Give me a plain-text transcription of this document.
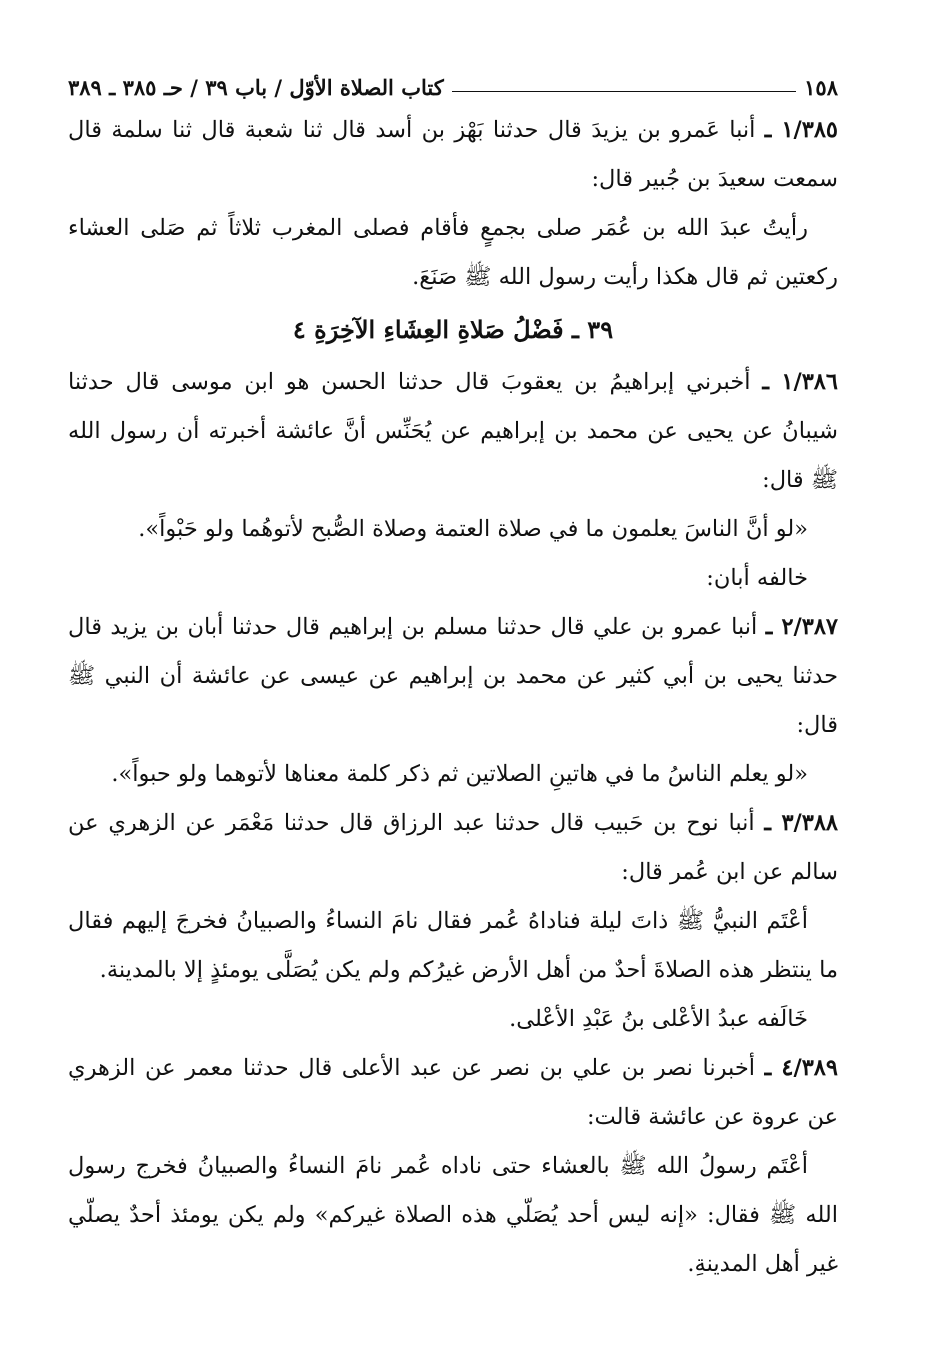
١٥٨
كتاب الصلاة الأوّل / باب ٣٩ / حـ ٣٨٥ ـ ٣٨٩

١/٣٨٥ ـ أنبا عَمرو بن يزيدَ قال حدثنا بَهْز بن أسد قال ثنا شعبة قال ثنا سلمة قال سمعت سعيدَ بن جُبير قال:

رأيتُ عبدَ الله بن عُمَر صلى بجمعٍ فأقام فصلى المغرب ثلاثاً ثم صَلى العشاء ركعتين ثم قال هكذا رأيت رسول الله ﷺ صَنَعَ.

٣٩ ـ فَضْلُ صَلاةِ العِشَاءِ الآخِرَةِ ٤

١/٣٨٦ ـ أخبرني إبراهيمُ بن يعقوبَ قال حدثنا الحسن هو ابن موسى قال حدثنا شيبانُ عن يحيى عن محمد بن إبراهيم عن يُحَنِّس أنَّ عائشة أخبرته أن رسول الله ﷺ قال:

«لو أنَّ الناسَ يعلمون ما في صلاة العتمة وصلاة الصُّبح لأتوهُما ولو حَبْواً».

خالفه أبان:

٢/٣٨٧ ـ أنبا عمرو بن علي قال حدثنا مسلم بن إبراهيم قال حدثنا أبان بن يزيد قال حدثنا يحيى بن أبي كثير عن محمد بن إبراهيم عن عيسى عن عائشة أن النبي ﷺ قال:

«لو يعلم الناسُ ما في هاتينِ الصلاتين ثم ذكر كلمة معناها لأتوهما ولو حبواً».

٣/٣٨٨ ـ أنبا نوح بن حَبيب قال حدثنا عبد الرزاق قال حدثنا مَعْمَر عن الزهري عن سالم عن ابن عُمر قال:

أعْتَم النبيُّ ﷺ ذاتَ ليلة فناداهُ عُمر فقال نامَ النساءُ والصبيانُ فخرجَ إليهم فقال ما ينتظر هذه الصلاةَ أحدٌ من أهل الأرض غيرُكم ولم يكن يُصَلَّى يومئذٍ إلا بالمدينة.

خَالَفه عبدُ الأعْلى بنُ عَبْدِ الأعْلى.

٤/٣٨٩ ـ أخبرنا نصر بن علي بن نصر عن عبد الأعلى قال حدثنا معمر عن الزهري عن عروة عن عائشة قالت:

أعْتَم رسولُ الله ﷺ بالعشاء حتى ناداه عُمر نامَ النساءُ والصبيانُ فخرج رسول الله ﷺ فقال: «إنه ليس أحد يُصَلّي هذه الصلاة غيركم» ولم يكن يومئذ أحدٌ يصلّي غير أهل المدينةِ.
